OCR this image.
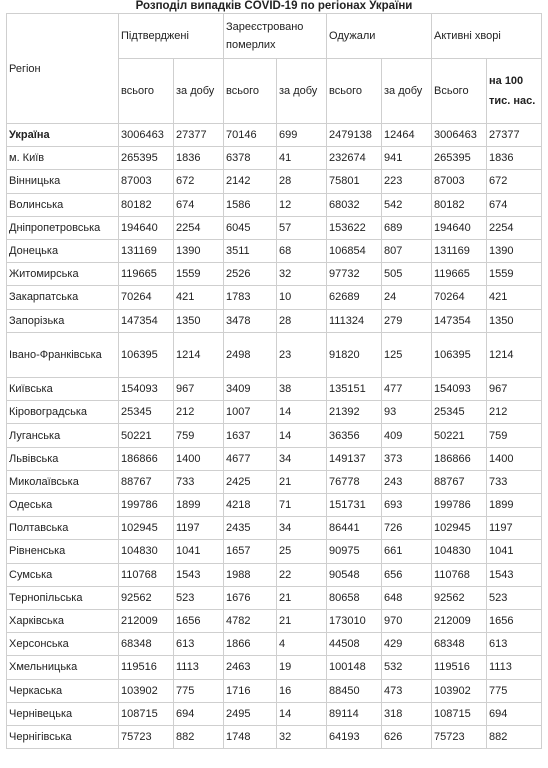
Розподіл випадків COVID-19 по регіонах України
Регіон	Підтверджені		Зареєстровано померлих		Одужали		Активні хворі	
	всього	за добу	всього	за добу	всього	за добу	Всього	на 100 тис. нас.
Україна	3006463	27377	70146	699	2479138	12464	3006463	27377
м. Київ	265395	1836	6378	41	232674	941	265395	1836
Вінницька	87003	672	2142	28	75801	223	87003	672
Волинська	80182	674	1586	12	68032	542	80182	674
Дніпропетровська	194640	2254	6045	57	153622	689	194640	2254
Донецька	131169	1390	3511	68	106854	807	131169	1390
Житомирська	119665	1559	2526	32	97732	505	119665	1559
Закарпатська	70264	421	1783	10	62689	24	70264	421
Запорізька	147354	1350	3478	28	111324	279	147354	1350
Івано-Франківська	106395	1214	2498	23	91820	125	106395	1214
Київська	154093	967	3409	38	135151	477	154093	967
Кіровоградська	25345	212	1007	14	21392	93	25345	212
Луганська	50221	759	1637	14	36356	409	50221	759
Львівська	186866	1400	4677	34	149137	373	186866	1400
Миколаївська	88767	733	2425	21	76778	243	88767	733
Одеська	199786	1899	4218	71	151731	693	199786	1899
Полтавська	102945	1197	2435	34	86441	726	102945	1197
Рівненська	104830	1041	1657	25	90975	661	104830	1041
Сумська	110768	1543	1988	22	90548	656	110768	1543
Тернопільська	92562	523	1676	21	80658	648	92562	523
Харківська	212009	1656	4782	21	173010	970	212009	1656
Херсонська	68348	613	1866	4	44508	429	68348	613
Хмельницька	119516	1113	2463	19	100148	532	119516	1113
Черкаська	103902	775	1716	16	88450	473	103902	775
Чернівецька	108715	694	2495	14	89114	318	108715	694
Чернігівська	75723	882	1748	32	64193	626	75723	882
